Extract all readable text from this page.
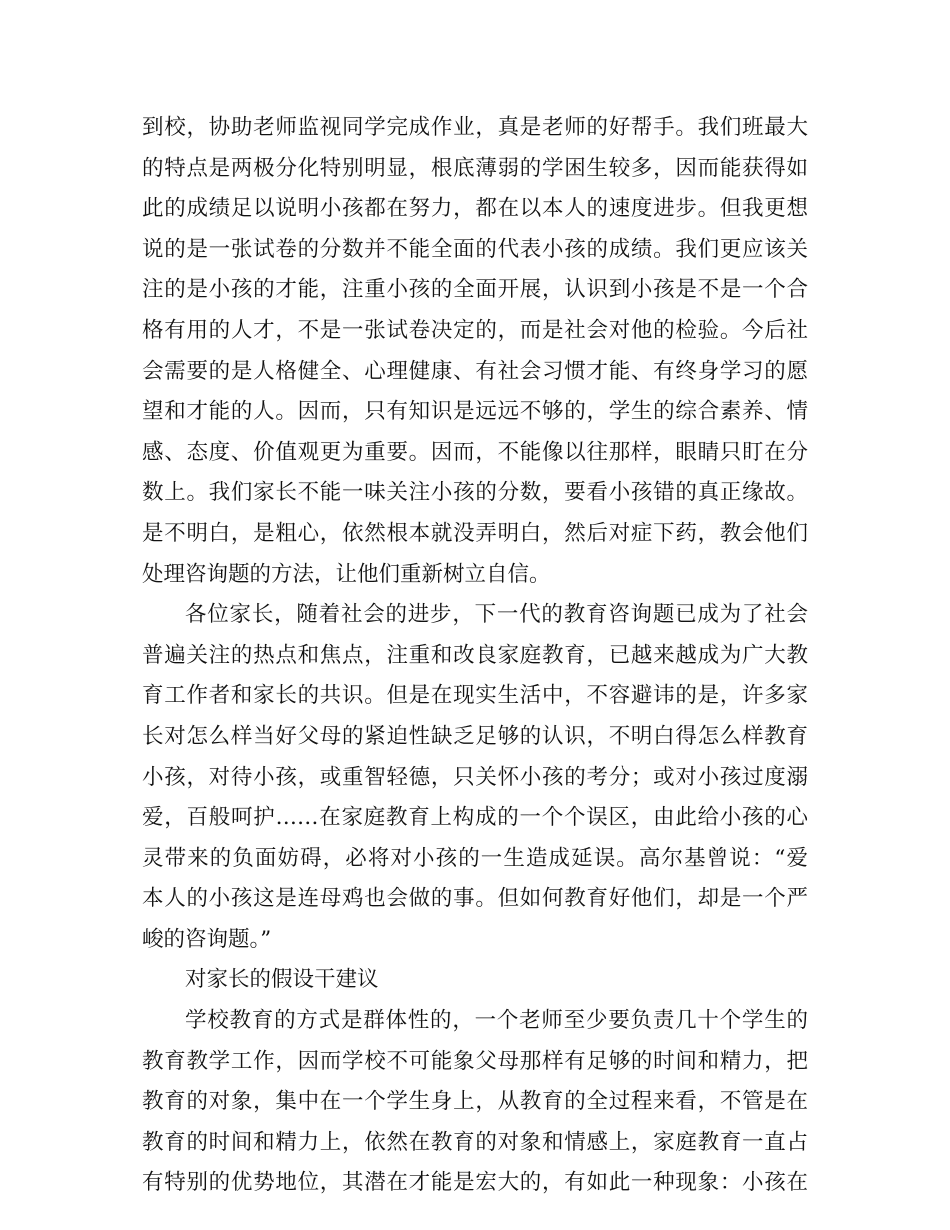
到校，协助老师监视同学完成作业，真是老师的好帮手。我们班最大
的特点是两极分化特别明显，根底薄弱的学困生较多，因而能获得如
此的成绩足以说明小孩都在努力，都在以本人的速度进步。但我更想
说的是一张试卷的分数并不能全面的代表小孩的成绩。我们更应该关
注的是小孩的才能，注重小孩的全面开展，认识到小孩是不是一个合
格有用的人才，不是一张试卷决定的，而是社会对他的检验。今后社
会需要的是人格健全、心理健康、有社会习惯才能、有终身学习的愿
望和才能的人。因而，只有知识是远远不够的，学生的综合素养、情
感、态度、价值观更为重要。因而，不能像以往那样，眼睛只盯在分
数上。我们家长不能一味关注小孩的分数，要看小孩错的真正缘故。
是不明白，是粗心，依然根本就没弄明白，然后对症下药，教会他们
处理咨询题的方法，让他们重新树立自信。
各位家长，随着社会的进步，下一代的教育咨询题已成为了社会
普遍关注的热点和焦点，注重和改良家庭教育，已越来越成为广大教
育工作者和家长的共识。但是在现实生活中，不容避讳的是，许多家
长对怎么样当好父母的紧迫性缺乏足够的认识，不明白得怎么样教育
小孩，对待小孩，或重智轻德，只关怀小孩的考分；或对小孩过度溺
爱，百般呵护……在家庭教育上构成的一个个误区，由此给小孩的心
灵带来的负面妨碍，必将对小孩的一生造成延误。高尔基曾说：“爱
本人的小孩这是连母鸡也会做的事。但如何教育好他们，却是一个严
峻的咨询题。”
对家长的假设干建议
学校教育的方式是群体性的，一个老师至少要负责几十个学生的
教育教学工作，因而学校不可能象父母那样有足够的时间和精力，把
教育的对象，集中在一个学生身上，从教育的全过程来看，不管是在
教育的时间和精力上，依然在教育的对象和情感上，家庭教育一直占
有特别的优势地位，其潜在才能是宏大的，有如此一种现象：小孩在
